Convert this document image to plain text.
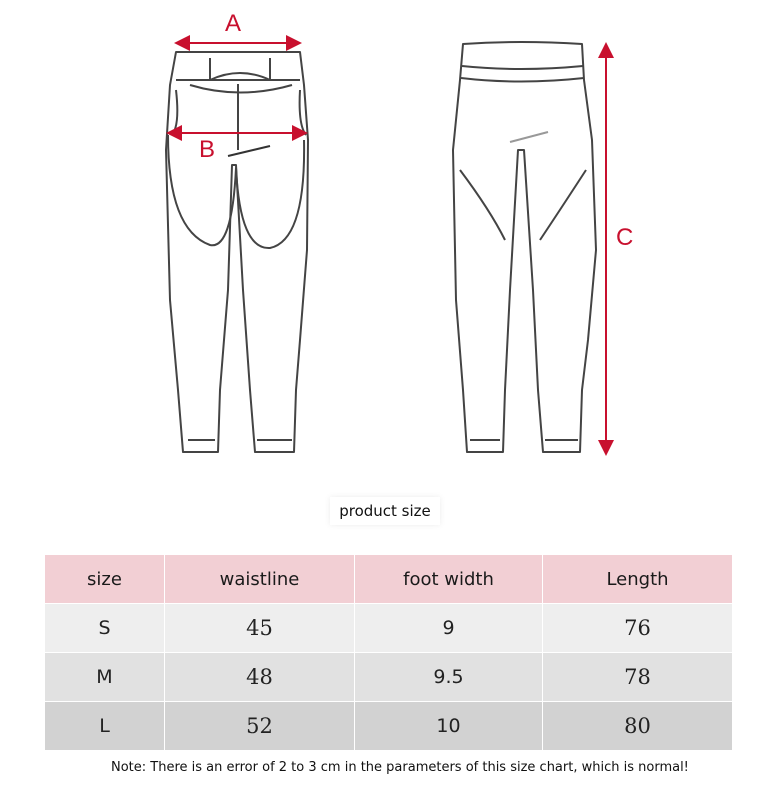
A
B
C
product size
size	waistline	foot width	Length
S	45	9	76
M	48	9.5	78
L	52	10	80
Note: There is an error of 2 to 3 cm in the parameters of this size chart, which is normal!
